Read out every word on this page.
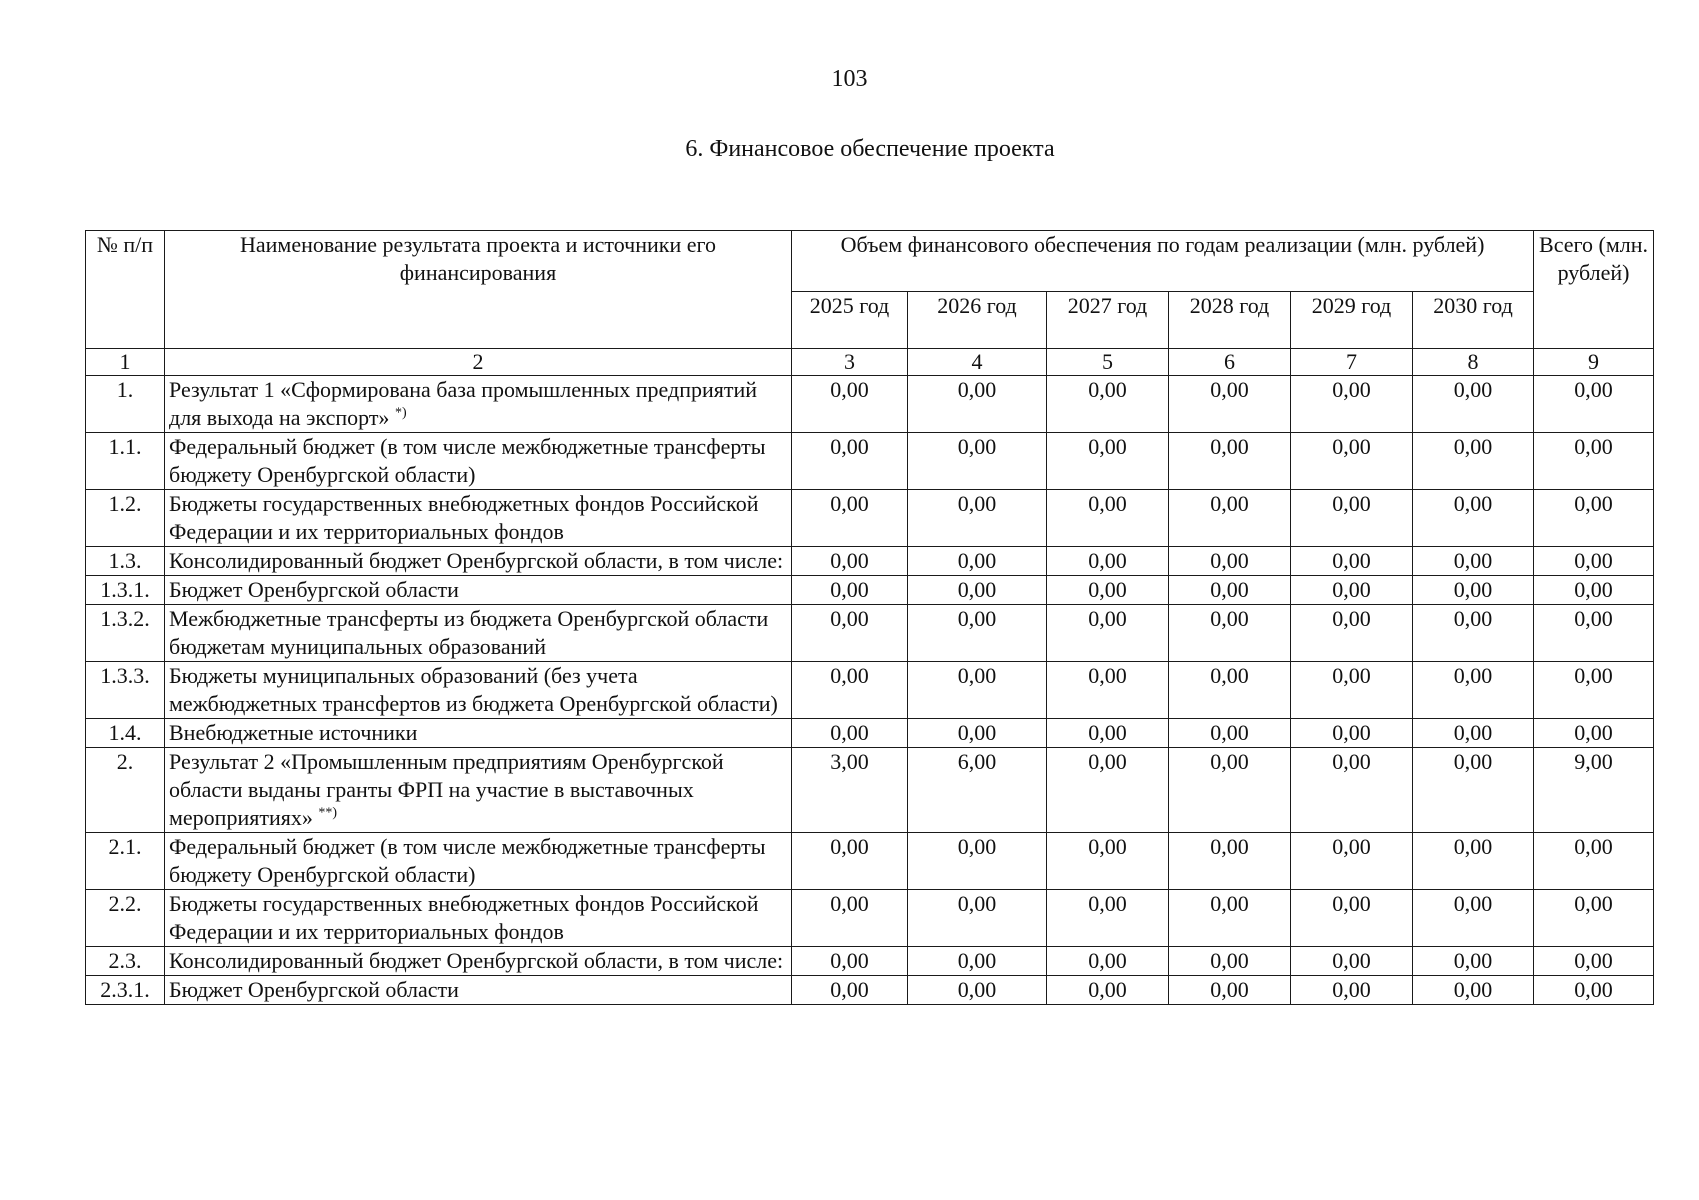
103
6. Финансовое обеспечение проекта
№ п/п	Наименование результата проекта и источники его финансирования	Объем финансового обеспечения по годам реализации (млн. рублей)						Всего (млн. рублей)
		2025 год	2026 год	2027 год	2028 год	2029 год	2030 год	
1	2	3	4	5	6	7	8	9
1.	Результат 1 «Сформирована база промышленных предприятий для выхода на экспорт» *)	0,00	0,00	0,00	0,00	0,00	0,00	0,00
1.1.	Федеральный бюджет (в том числе межбюджетные трансферты бюджету Оренбургской области)	0,00	0,00	0,00	0,00	0,00	0,00	0,00
1.2.	Бюджеты государственных внебюджетных фондов Российской Федерации и их территориальных фондов	0,00	0,00	0,00	0,00	0,00	0,00	0,00
1.3.	Консолидированный бюджет Оренбургской области, в том числе:	0,00	0,00	0,00	0,00	0,00	0,00	0,00
1.3.1.	Бюджет Оренбургской области	0,00	0,00	0,00	0,00	0,00	0,00	0,00
1.3.2.	Межбюджетные трансферты из бюджета Оренбургской области бюджетам муниципальных образований	0,00	0,00	0,00	0,00	0,00	0,00	0,00
1.3.3.	Бюджеты муниципальных образований (без учета межбюджетных трансфертов из бюджета Оренбургской области)	0,00	0,00	0,00	0,00	0,00	0,00	0,00
1.4.	Внебюджетные источники	0,00	0,00	0,00	0,00	0,00	0,00	0,00
2.	Результат 2 «Промышленным предприятиям Оренбургской области выданы гранты ФРП на участие в выставочных мероприятиях» **)	3,00	6,00	0,00	0,00	0,00	0,00	9,00
2.1.	Федеральный бюджет (в том числе межбюджетные трансферты бюджету Оренбургской области)	0,00	0,00	0,00	0,00	0,00	0,00	0,00
2.2.	Бюджеты государственных внебюджетных фондов Российской Федерации и их территориальных фондов	0,00	0,00	0,00	0,00	0,00	0,00	0,00
2.3.	Консолидированный бюджет Оренбургской области, в том числе:	0,00	0,00	0,00	0,00	0,00	0,00	0,00
2.3.1.	Бюджет Оренбургской области	0,00	0,00	0,00	0,00	0,00	0,00	0,00
